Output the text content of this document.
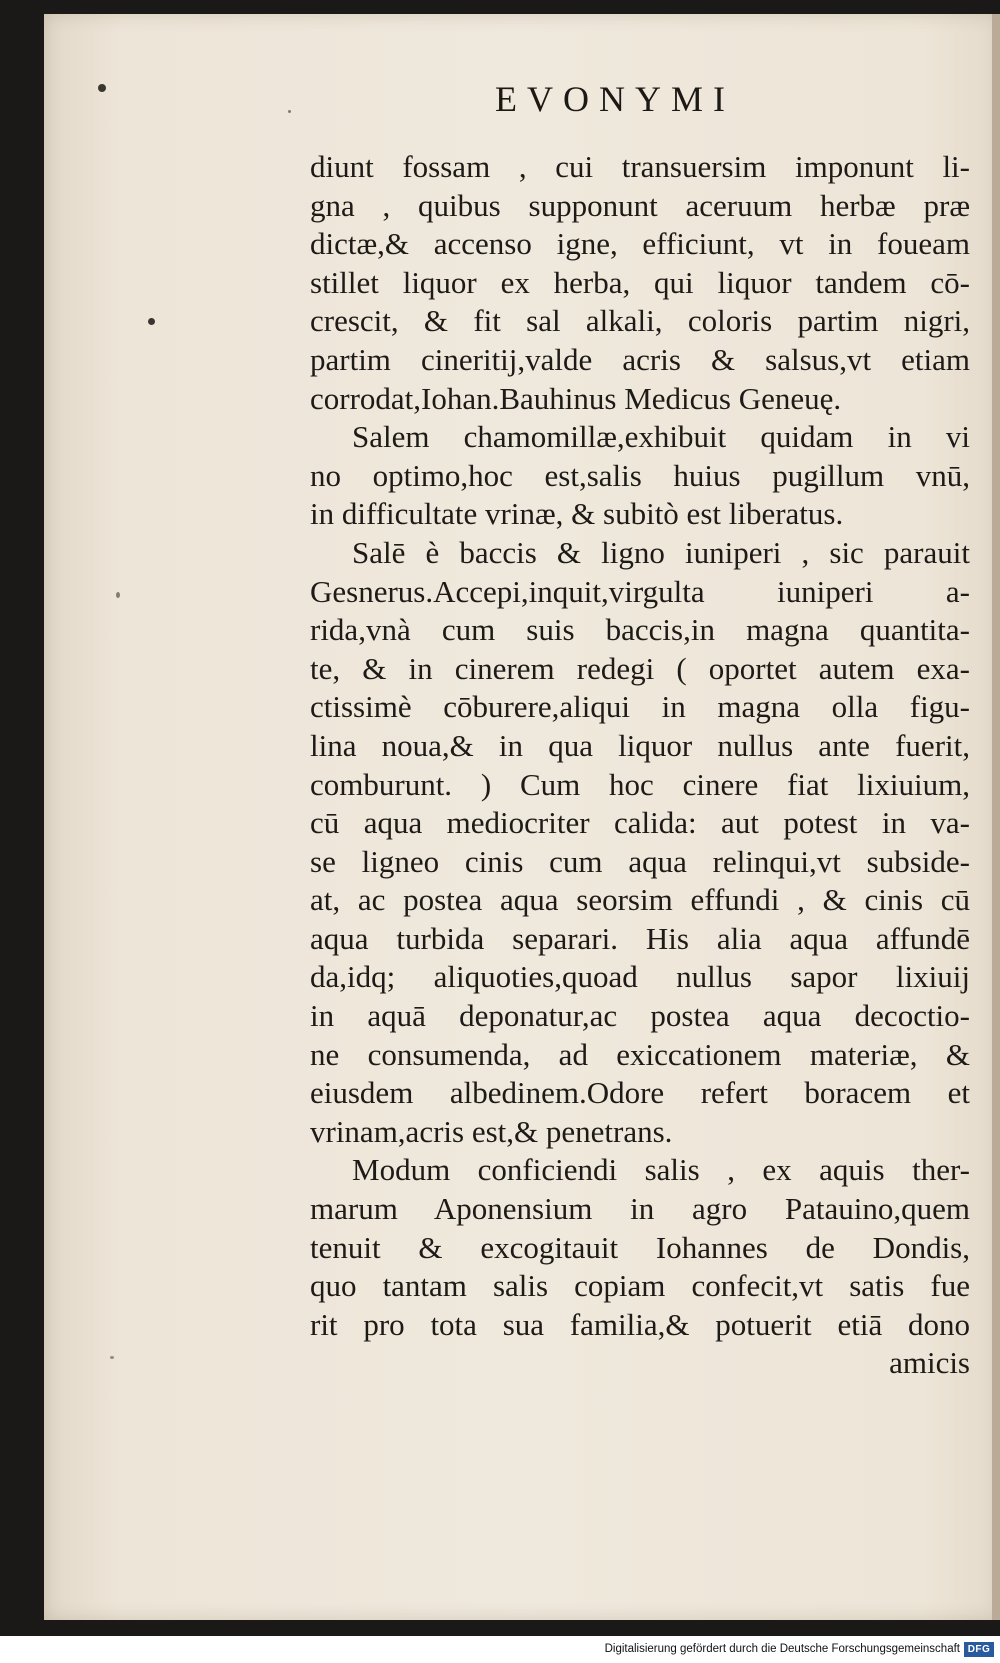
EVONYMI
diunt fossam , cui transuersim imponunt li-
gna , quibus supponunt aceruum herbæ præ
dictæ,& accenso igne, efficiunt, vt in foueam
stillet liquor ex herba, qui liquor tandem cō-
crescit, & fit sal alkali, coloris partim nigri,
partim cineritij,valde acris & salsus,vt etiam
corrodat,Iohan.Bauhinus Medicus Geneuę.
Salem chamomillæ,exhibuit quidam in vi
no optimo,hoc est,salis huius pugillum vnū,
in difficultate vrinæ, & subitò est liberatus.
Salē è baccis & ligno iuniperi , sic parauit
Gesnerus.Accepi,inquit,virgulta iuniperi a-
rida,vnà cum suis baccis,in magna quantita-
te, & in cinerem redegi ( oportet autem exa-
ctissimè cōburere,aliqui in magna olla figu-
lina noua,& in qua liquor nullus ante fuerit,
comburunt. ) Cum hoc cinere fiat lixiuium,
cū aqua mediocriter calida: aut potest in va-
se ligneo cinis cum aqua relinqui,vt subside-
at, ac postea aqua seorsim effundi , & cinis cū
aqua turbida separari. His alia aqua affundē
da,idq; aliquoties,quoad nullus sapor lixiuij
in aquā deponatur,ac postea aqua decoctio-
ne consumenda, ad exiccationem materiæ, &
eiusdem albedinem.Odore refert boracem et
vrinam,acris est,& penetrans.
Modum conficiendi salis , ex aquis ther-
marum Aponensium in agro Patauino,quem
tenuit & excogitauit Iohannes de Dondis,
quo tantam salis copiam confecit,vt satis fue
rit pro tota sua familia,& potuerit etiā dono
amicis
Digitalisierung gefördert durch die Deutsche Forschungsgemeinschaft DFG
